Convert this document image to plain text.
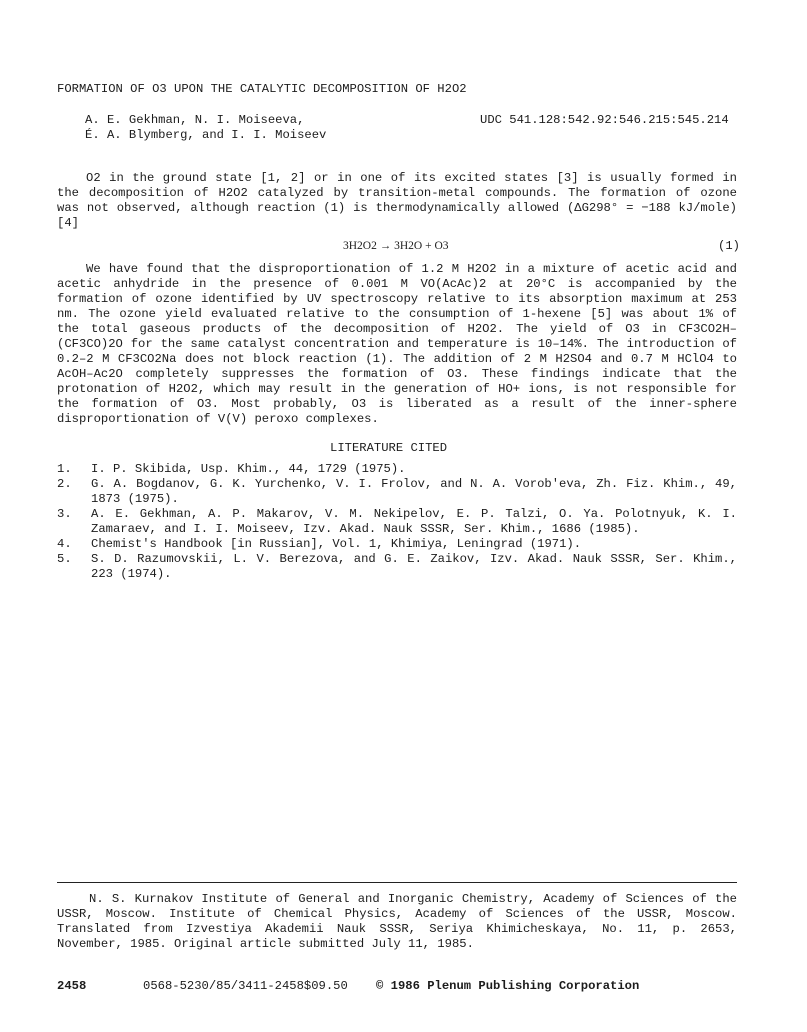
FORMATION OF O3 UPON THE CATALYTIC DECOMPOSITION OF H2O2
A. E. Gekhman, N. I. Moiseeva,
É. A. Blymberg, and I. I. Moiseev
UDC 541.128:542.92:546.215:545.214

O2 in the ground state [1, 2] or in one of its excited states [3] is usually formed in the decomposition of H2O2 catalyzed by transition-metal compounds. The formation of ozone was not observed, although reaction (1) is thermodynamically allowed (ΔG298° = −188 kJ/mole) [4]

3H2O2 → 3H2O + O3	(1)

We have found that the disproportionation of 1.2 M H2O2 in a mixture of acetic acid and acetic anhydride in the presence of 0.001 M VO(AcAc)2 at 20°C is accompanied by the formation of ozone identified by UV spectroscopy relative to its absorption maximum at 253 nm. The ozone yield evaluated relative to the consumption of 1-hexene [5] was about 1% of the total gaseous products of the decomposition of H2O2. The yield of O3 in CF3CO2H–(CF3CO)2O for the same catalyst concentration and temperature is 10–14%. The introduction of 0.2–2 M CF3CO2Na does not block reaction (1). The addition of 2 M H2SO4 and 0.7 M HClO4 to AcOH–Ac2O completely suppresses the formation of O3. These findings indicate that the protonation of H2O2, which may result in the generation of HO+ ions, is not responsible for the formation of O3. Most probably, O3 is liberated as a result of the inner-sphere disproportionation of V(V) peroxo complexes.

LITERATURE CITED
1.	I. P. Skibida, Usp. Khim., 44, 1729 (1975).
2.	G. A. Bogdanov, G. K. Yurchenko, V. I. Frolov, and N. A. Vorob'eva, Zh. Fiz. Khim., 49, 1873 (1975).
3.	A. E. Gekhman, A. P. Makarov, V. M. Nekipelov, E. P. Talzi, O. Ya. Polotnyuk, K. I. Zamaraev, and I. I. Moiseev, Izv. Akad. Nauk SSSR, Ser. Khim., 1686 (1985).
4.	Chemist's Handbook [in Russian], Vol. 1, Khimiya, Leningrad (1971).
5.	S. D. Razumovskii, L. V. Berezova, and G. E. Zaikov, Izv. Akad. Nauk SSSR, Ser. Khim., 223 (1974).

N. S. Kurnakov Institute of General and Inorganic Chemistry, Academy of Sciences of the USSR, Moscow. Institute of Chemical Physics, Academy of Sciences of the USSR, Moscow. Translated from Izvestiya Akademii Nauk SSSR, Seriya Khimicheskaya, No. 11, p. 2653, November, 1985. Original article submitted July 11, 1985.

2458	0568-5230/85/3411-2458$09.50 © 1986 Plenum Publishing Corporation
